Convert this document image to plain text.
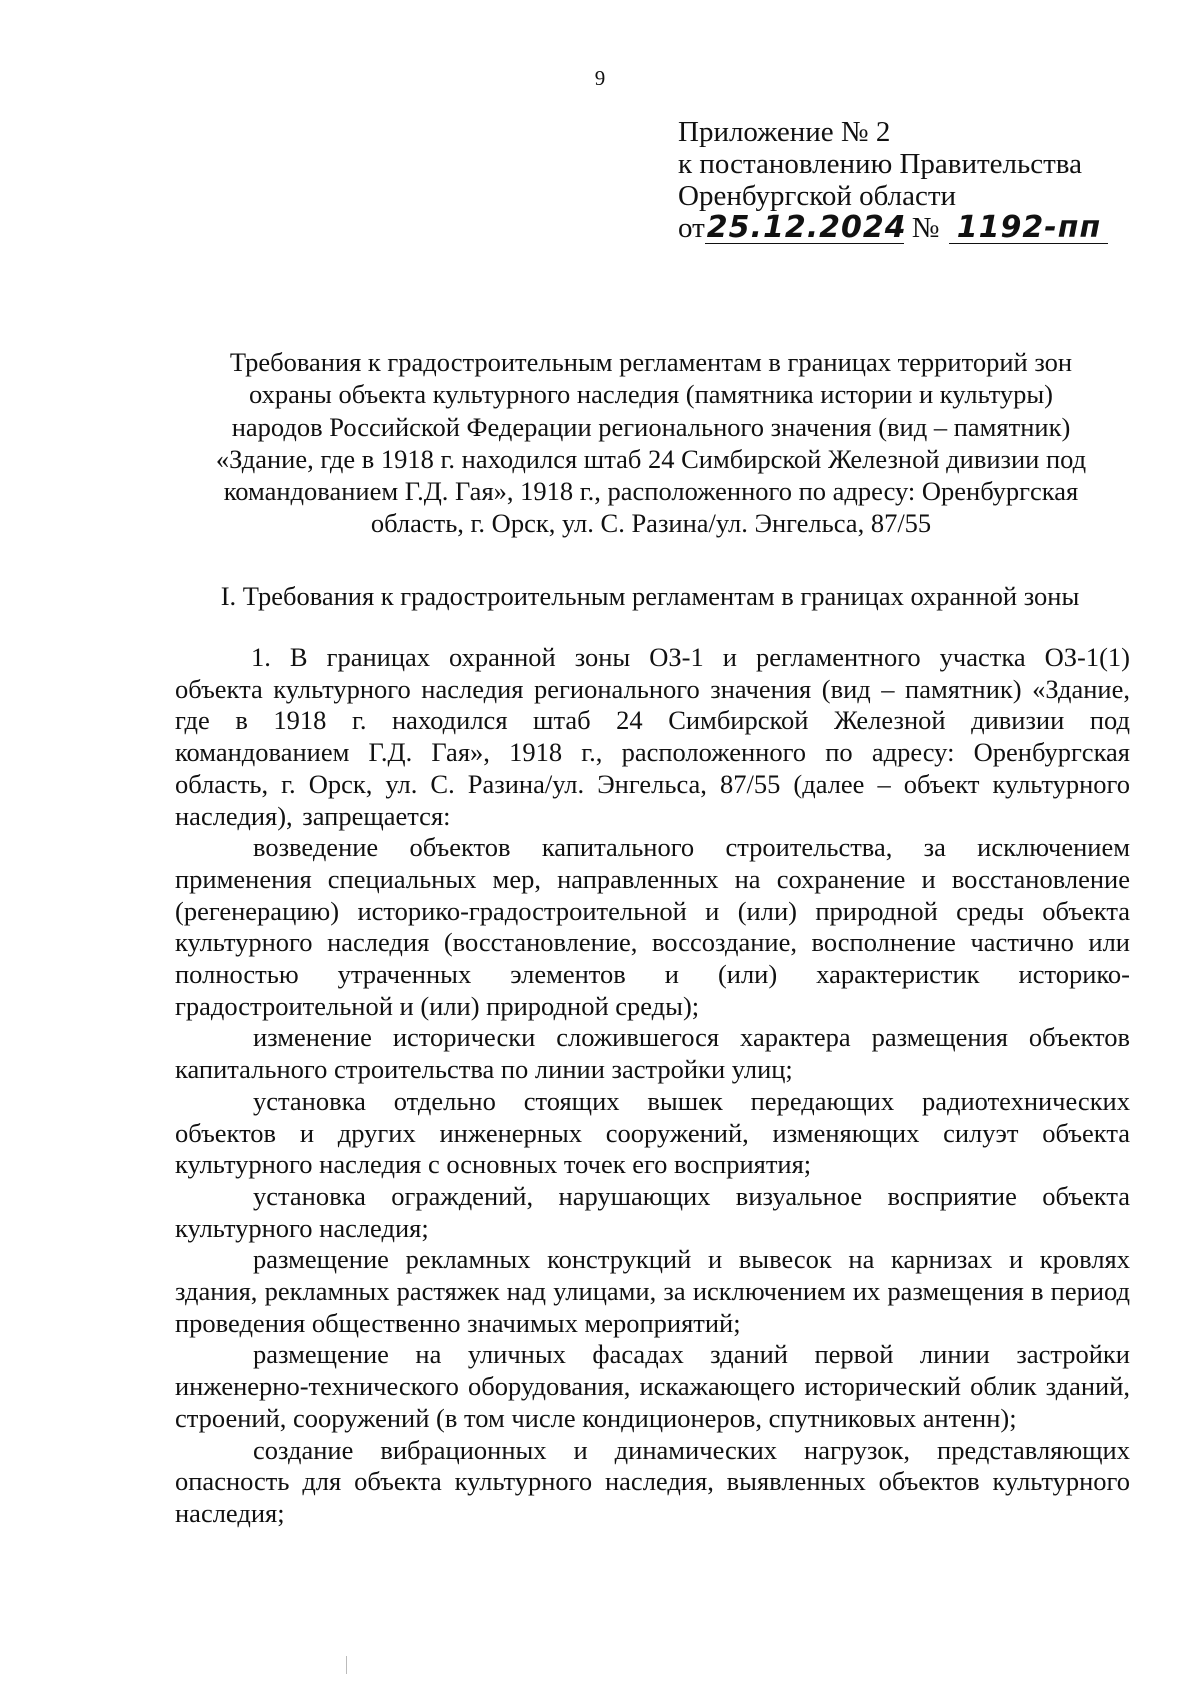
9
Приложение № 2
к постановлению Правительства
Оренбургской области
от25.12.2024 № 1192-пп
Требования к градостроительным регламентам в границах территорий зон
охраны объекта культурного наследия (памятника истории и культуры)
народов Российской Федерации регионального значения (вид – памятник)
«Здание, где в 1918 г. находился штаб 24 Симбирской Железной дивизии под
командованием Г.Д. Гая», 1918 г., расположенного по адресу: Оренбургская
область, г. Орск, ул. С. Разина/ул. Энгельса, 87/55
I. Требования к градостроительным регламентам в границах охранной зоны

1. В границах охранной зоны ОЗ-1 и регламентного участка ОЗ-1(1) объекта культурного наследия регионального значения (вид – памятник) «Здание, где в 1918 г. находился штаб 24 Симбирской Железной дивизии под командованием Г.Д. Гая», 1918 г., расположенного по адресу: Оренбургская область, г. Орск, ул. С. Разина/ул. Энгельса, 87/55 (далее – объект культурного наследия), запрещается:

возведение объектов капитального строительства, за исключением применения специальных мер, направленных на сохранение и восстановление (регенерацию) историко-градостроительной и (или) природной среды объекта культурного наследия (восстановление, воссоздание, восполнение частично или полностью утраченных элементов и (или) характеристик историко-градостроительной и (или) природной среды);

изменение исторически сложившегося характера размещения объектов капитального строительства по линии застройки улиц;

установка отдельно стоящих вышек передающих радиотехнических объектов и других инженерных сооружений, изменяющих силуэт объекта культурного наследия с основных точек его восприятия;

установка ограждений, нарушающих визуальное восприятие объекта культурного наследия;

размещение рекламных конструкций и вывесок на карнизах и кровлях здания, рекламных растяжек над улицами, за исключением их размещения в период проведения общественно значимых мероприятий;

размещение на уличных фасадах зданий первой линии застройки инженерно-технического оборудования, искажающего исторический облик зданий, строений, сооружений (в том числе кондиционеров, спутниковых антенн);

создание вибрационных и динамических нагрузок, представляющих опасность для объекта культурного наследия, выявленных объектов культурного наследия;
